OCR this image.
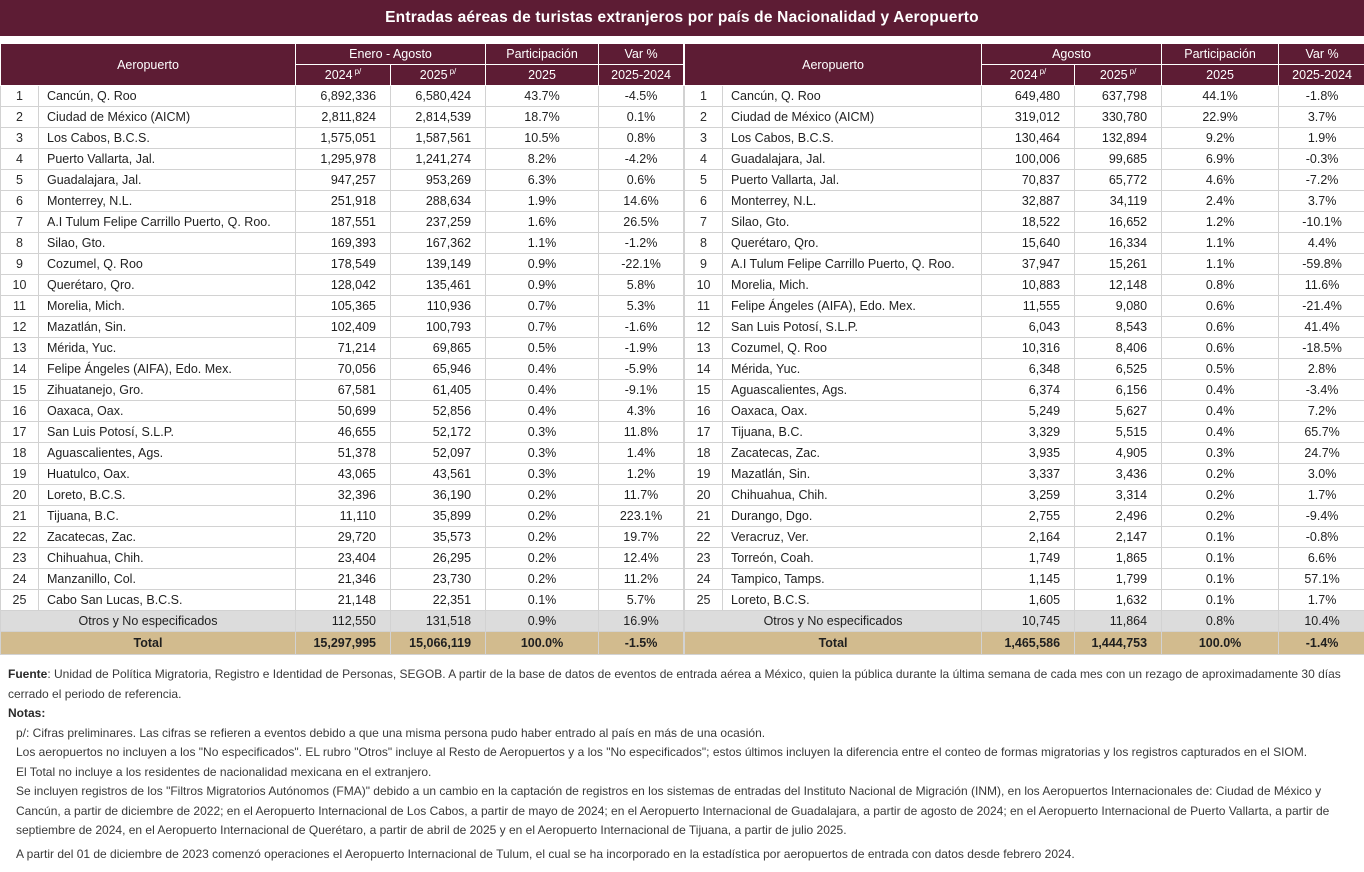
Entradas aéreas de turistas extranjeros por país de Nacionalidad y Aeropuerto
Aeropuerto		Enero - Agosto		Participación	Var %
		2024 $^{p/}$	2025 $^{p/}$	2025	2025-2024
1	Cancún, Q. Roo	6,892,336	6,580,424	43.7%	-4.5%
2	Ciudad de México (AICM)	2,811,824	2,814,539	18.7%	0.1%
3	Los Cabos, B.C.S.	1,575,051	1,587,561	10.5%	0.8%
4	Puerto Vallarta, Jal.	1,295,978	1,241,274	8.2%	-4.2%
5	Guadalajara, Jal.	947,257	953,269	6.3%	0.6%
6	Monterrey, N.L.	251,918	288,634	1.9%	14.6%
7	A.I Tulum Felipe Carrillo Puerto, Q. Roo.	187,551	237,259	1.6%	26.5%
8	Silao, Gto.	169,393	167,362	1.1%	-1.2%
9	Cozumel, Q. Roo	178,549	139,149	0.9%	-22.1%
10	Querétaro, Qro.	128,042	135,461	0.9%	5.8%
11	Morelia, Mich.	105,365	110,936	0.7%	5.3%
12	Mazatlán, Sin.	102,409	100,793	0.7%	-1.6%
13	Mérida, Yuc.	71,214	69,865	0.5%	-1.9%
14	Felipe Ángeles (AIFA), Edo. Mex.	70,056	65,946	0.4%	-5.9%
15	Zihuatanejo, Gro.	67,581	61,405	0.4%	-9.1%
16	Oaxaca, Oax.	50,699	52,856	0.4%	4.3%
17	San Luis Potosí, S.L.P.	46,655	52,172	0.3%	11.8%
18	Aguascalientes, Ags.	51,378	52,097	0.3%	1.4%
19	Huatulco, Oax.	43,065	43,561	0.3%	1.2%
20	Loreto, B.C.S.	32,396	36,190	0.2%	11.7%
21	Tijuana, B.C.	11,110	35,899	0.2%	223.1%
22	Zacatecas, Zac.	29,720	35,573	0.2%	19.7%
23	Chihuahua, Chih.	23,404	26,295	0.2%	12.4%
24	Manzanillo, Col.	21,346	23,730	0.2%	11.2%
25	Cabo San Lucas, B.C.S.	21,148	22,351	0.1%	5.7%
Otros y No especificados		112,550	131,518	0.9%	16.9%
Total		15,297,995	15,066,119	100.0%	-1.5%
Aeropuerto		Agosto		Participación	Var %
		2024 $^{p/}$	2025 $^{p/}$	2025	2025-2024
1	Cancún, Q. Roo	649,480	637,798	44.1%	-1.8%
2	Ciudad de México (AICM)	319,012	330,780	22.9%	3.7%
3	Los Cabos, B.C.S.	130,464	132,894	9.2%	1.9%
4	Guadalajara, Jal.	100,006	99,685	6.9%	-0.3%
5	Puerto Vallarta, Jal.	70,837	65,772	4.6%	-7.2%
6	Monterrey, N.L.	32,887	34,119	2.4%	3.7%
7	Silao, Gto.	18,522	16,652	1.2%	-10.1%
8	Querétaro, Qro.	15,640	16,334	1.1%	4.4%
9	A.I Tulum Felipe Carrillo Puerto, Q. Roo.	37,947	15,261	1.1%	-59.8%
10	Morelia, Mich.	10,883	12,148	0.8%	11.6%
11	Felipe Ángeles (AIFA), Edo. Mex.	11,555	9,080	0.6%	-21.4%
12	San Luis Potosí, S.L.P.	6,043	8,543	0.6%	41.4%
13	Cozumel, Q. Roo	10,316	8,406	0.6%	-18.5%
14	Mérida, Yuc.	6,348	6,525	0.5%	2.8%
15	Aguascalientes, Ags.	6,374	6,156	0.4%	-3.4%
16	Oaxaca, Oax.	5,249	5,627	0.4%	7.2%
17	Tijuana, B.C.	3,329	5,515	0.4%	65.7%
18	Zacatecas, Zac.	3,935	4,905	0.3%	24.7%
19	Mazatlán, Sin.	3,337	3,436	0.2%	3.0%
20	Chihuahua, Chih.	3,259	3,314	0.2%	1.7%
21	Durango, Dgo.	2,755	2,496	0.2%	-9.4%
22	Veracruz, Ver.	2,164	2,147	0.1%	-0.8%
23	Torreón, Coah.	1,749	1,865	0.1%	6.6%
24	Tampico, Tamps.	1,145	1,799	0.1%	57.1%
25	Loreto, B.C.S.	1,605	1,632	0.1%	1.7%
Otros y No especificados		10,745	11,864	0.8%	10.4%
Total		1,465,586	1,444,753	100.0%	-1.4%

Fuente: Unidad de Política Migratoria, Registro e Identidad de Personas, SEGOB. A partir de la base de datos de eventos de entrada aérea a México, quien la pública durante la última semana de cada mes con un rezago de aproximadamente 30 días cerrado el periodo de referencia.

Notas:

p/: Cifras preliminares. Las cifras se refieren a eventos debido a que una misma persona pudo haber entrado al país en más de una ocasión.

Los aeropuertos no incluyen a los "No especificados". EL rubro "Otros" incluye al Resto de Aeropuertos y a los "No especificados"; estos últimos incluyen la diferencia entre el conteo de formas migratorias y los registros capturados en el SIOM.

El Total no incluye a los residentes de nacionalidad mexicana en el extranjero.

Se incluyen registros de los "Filtros Migratorios Autónomos (FMA)" debido a un cambio en la captación de registros en los sistemas de entradas del Instituto Nacional de Migración (INM), en los Aeropuertos Internacionales de: Ciudad de México y Cancún, a partir de diciembre de 2022; en el Aeropuerto Internacional de Los Cabos, a partir de mayo de 2024; en el Aeropuerto Internacional de Guadalajara, a partir de agosto de 2024; en el Aeropuerto Internacional de Puerto Vallarta, a partir de septiembre de 2024, en el Aeropuerto Internacional de Querétaro, a partir de abril de 2025 y en el Aeropuerto Internacional de Tijuana, a partir de julio 2025.

A partir del 01 de diciembre de 2023 comenzó operaciones el Aeropuerto Internacional de Tulum, el cual se ha incorporado en la estadística por aeropuertos de entrada con datos desde febrero 2024.
